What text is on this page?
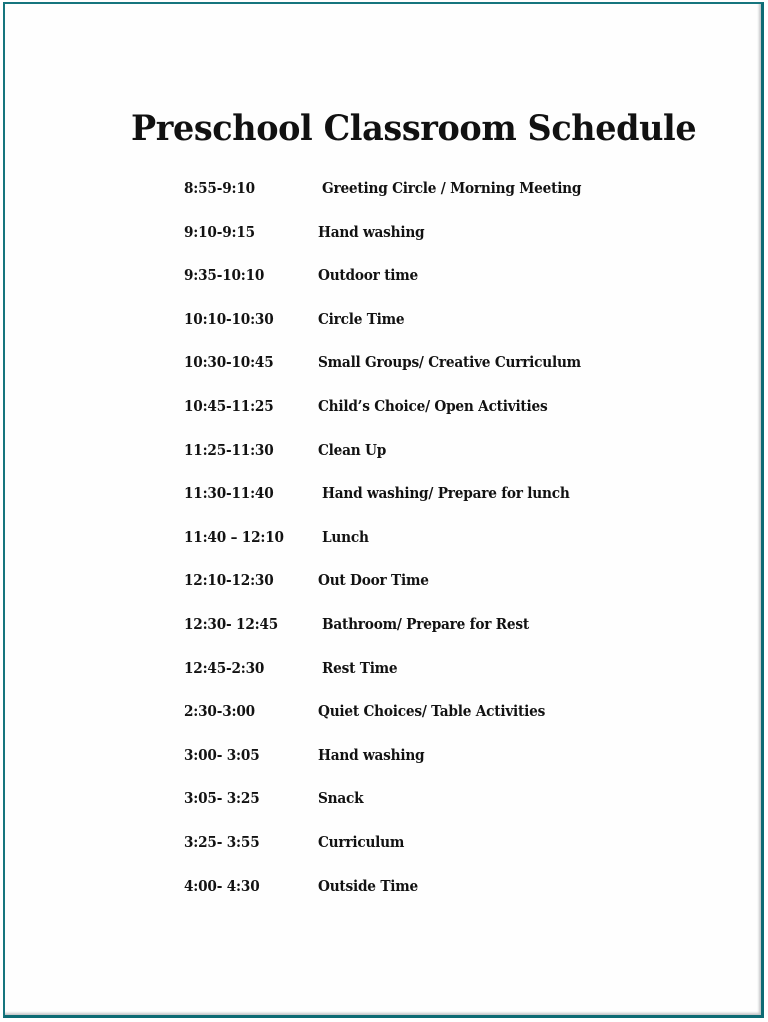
Preschool Classroom Schedule
8:55-9:10	Greeting Circle / Morning Meeting
9:10-9:15	Hand washing
9:35-10:10	Outdoor time
10:10-10:30	Circle Time
10:30-10:45	Small Groups/ Creative Curriculum
10:45-11:25	Child’s Choice/ Open Activities
11:25-11:30	Clean Up
11:30-11:40	Hand washing/ Prepare for lunch
11:40 – 12:10	Lunch
12:10-12:30	Out Door Time
12:30- 12:45	Bathroom/ Prepare for Rest
12:45-2:30	Rest Time
2:30-3:00	Quiet Choices/ Table Activities
3:00- 3:05	Hand washing
3:05- 3:25	Snack
3:25- 3:55	Curriculum
4:00- 4:30	Outside Time
